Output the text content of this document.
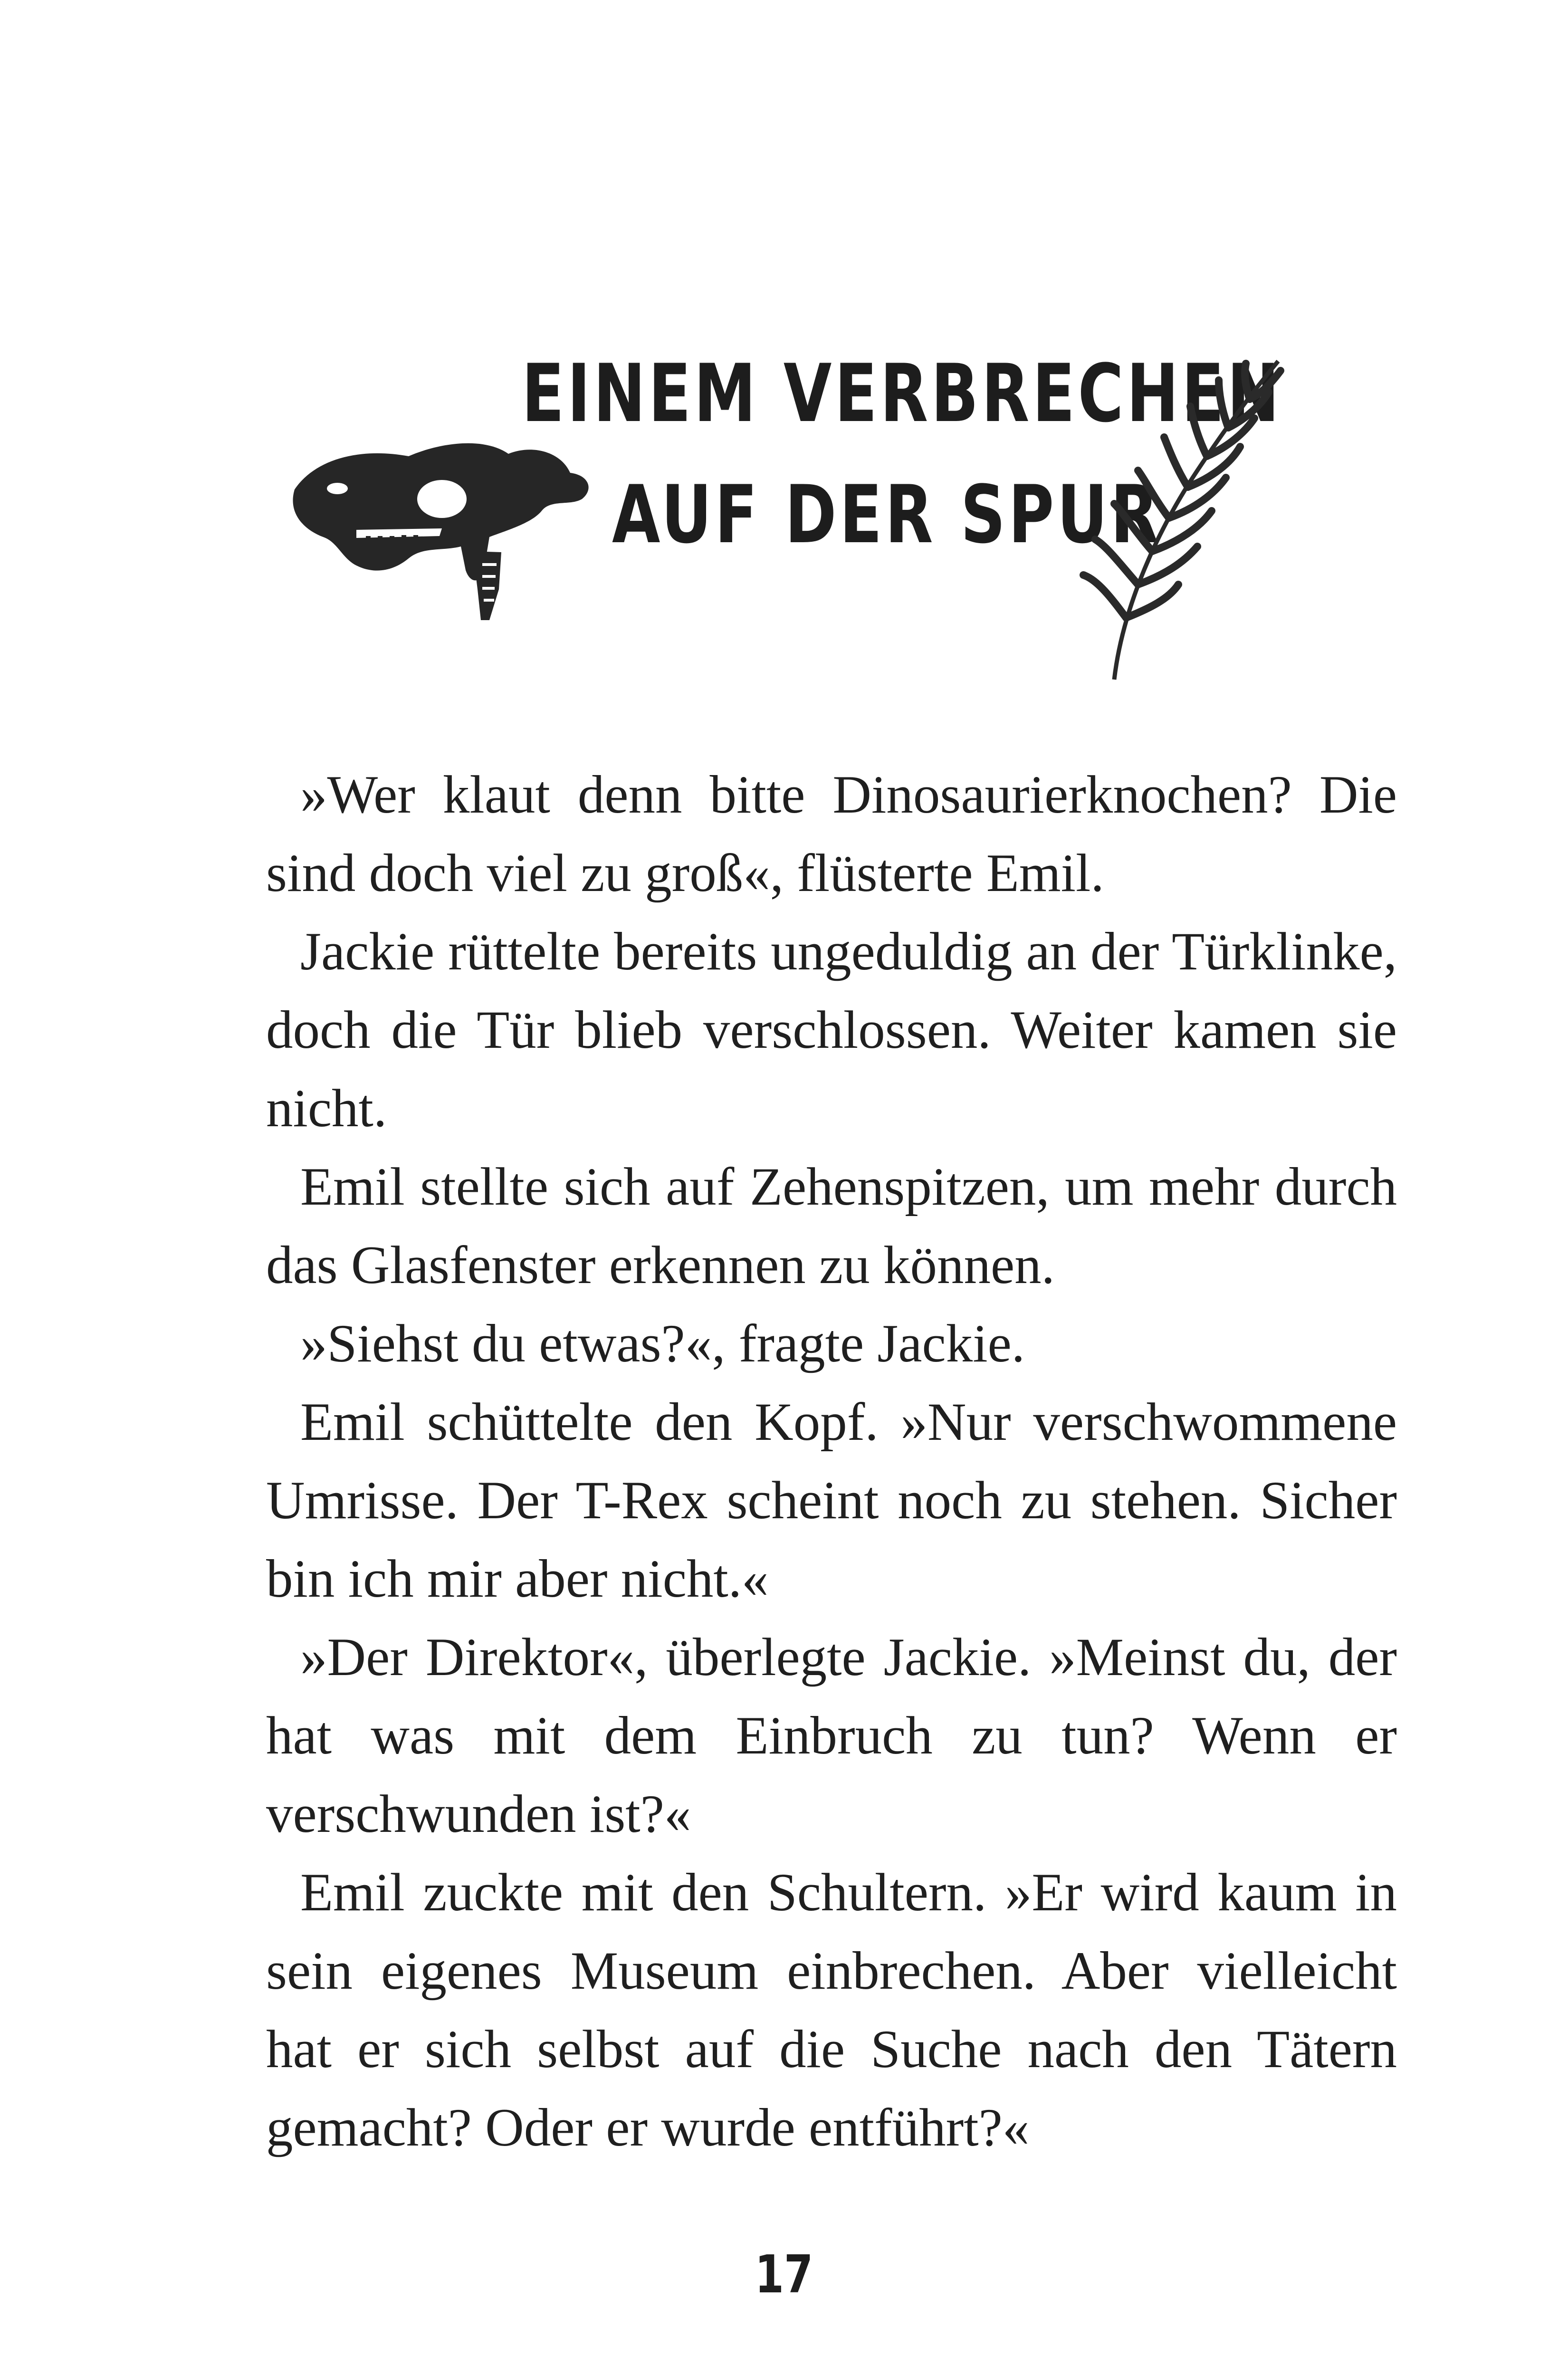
EINEM VERBRECHEN
AUF DER SPUR

»Wer klaut denn bitte Dinosaurierknochen? Die sind doch viel zu groß«, flüsterte Emil.

Jackie rüttelte bereits ungeduldig an der Türklinke, doch die Tür blieb verschlossen. Weiter kamen sie nicht.

Emil stellte sich auf Zehenspitzen, um mehr durch das Glasfenster erkennen zu können.

»Siehst du etwas?«, fragte Jackie.

Emil schüttelte den Kopf. »Nur verschwommene Umrisse. Der T-Rex scheint noch zu stehen. Sicher bin ich mir aber nicht.«

»Der Direktor«, überlegte Jackie. »Meinst du, der hat was mit dem Einbruch zu tun? Wenn er verschwunden ist?«

Emil zuckte mit den Schultern. »Er wird kaum in sein eigenes Museum einbrechen. Aber vielleicht hat er sich selbst auf die Suche nach den Tätern gemacht? Oder er wurde entführt?«

17
